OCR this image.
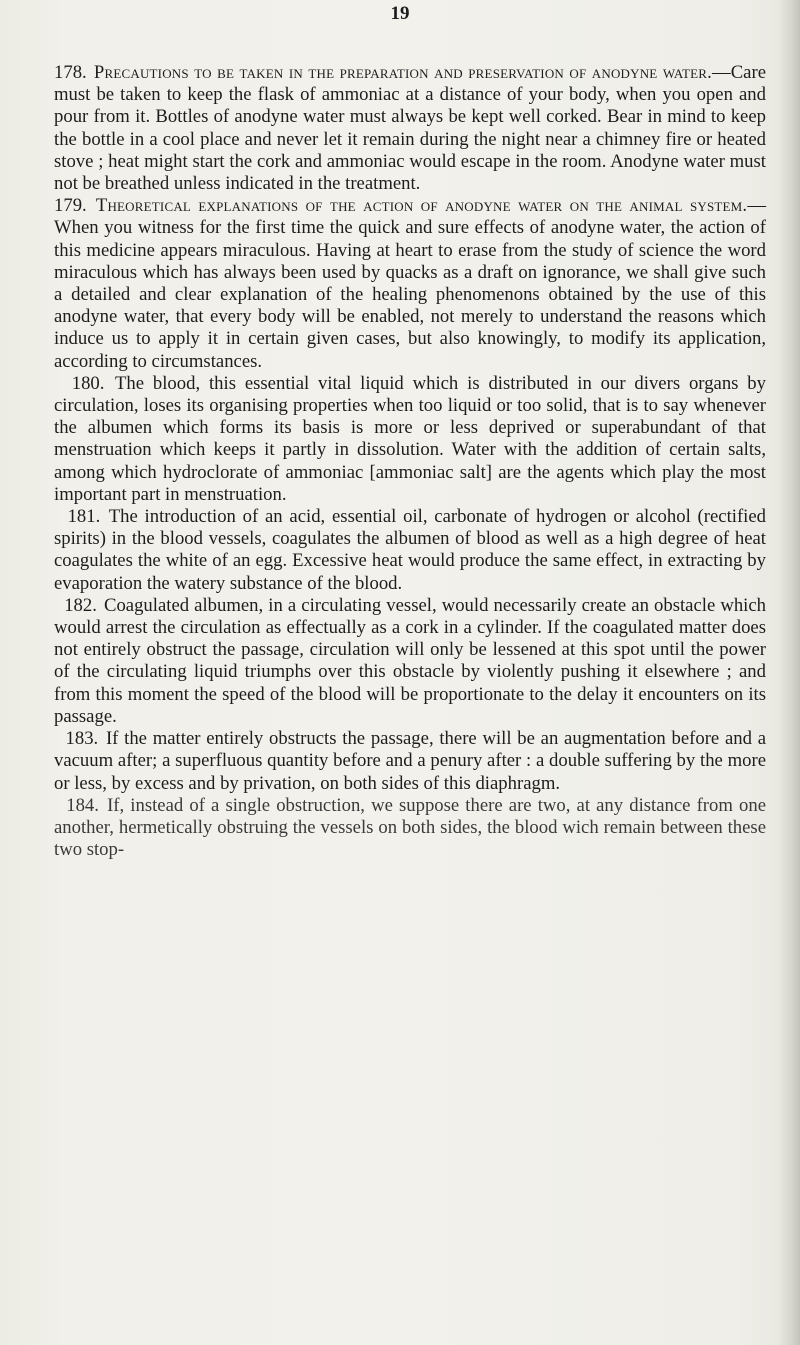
19

178. Precautions to be taken in the preparation and preservation of anodyne water.—Care must be taken to keep the flask of ammoniac at a distance of your body, when you open and pour from it. Bottles of anodyne water must always be kept well corked. Bear in mind to keep the bottle in a cool place and never let it remain during the night near a chimney fire or heated stove ; heat might start the cork and ammoniac would escape in the room. Anodyne water must not be breathed unless indicated in the treatment.

179. Theoretical explanations of the action of anodyne water on the animal system.—When you witness for the first time the quick and sure effects of anodyne water, the action of this medicine appears miraculous. Having at heart to erase from the study of science the word miraculous which has always been used by quacks as a draft on ignorance, we shall give such a detailed and clear explanation of the healing phenomenons obtained by the use of this anodyne water, that every body will be enabled, not merely to understand the reasons which induce us to apply it in certain given cases, but also knowingly, to modify its application, according to circumstances.

180. The blood, this essential vital liquid which is distributed in our divers organs by circulation, loses its organising properties when too liquid or too solid, that is to say whenever the albumen which forms its basis is more or less deprived or superabundant of that menstruation which keeps it partly in dissolution. Water with the addition of certain salts, among which hydroclorate of ammoniac [ammoniac salt] are the agents which play the most important part in menstruation.

181. The introduction of an acid, essential oil, carbonate of hydrogen or alcohol (rectified spirits) in the blood vessels, coagulates the albumen of blood as well as a high degree of heat coagulates the white of an egg. Excessive heat would produce the same effect, in extracting by evaporation the watery substance of the blood.

182. Coagulated albumen, in a circulating vessel, would necessarily create an obstacle which would arrest the circulation as effectually as a cork in a cylinder. If the coagulated matter does not entirely obstruct the passage, circulation will only be lessened at this spot until the power of the circulating liquid triumphs over this obstacle by violently pushing it elsewhere ; and from this moment the speed of the blood will be proportionate to the delay it encounters on its passage.

183. If the matter entirely obstructs the passage, there will be an augmentation before and a vacuum after; a superfluous quantity before and a penury after : a double suffering by the more or less, by excess and by privation, on both sides of this diaphragm.

184. If, instead of a single obstruction, we suppose there are two, at any distance from one another, hermetically obstruing the vessels on both sides, the blood wich remain between these two stop-
